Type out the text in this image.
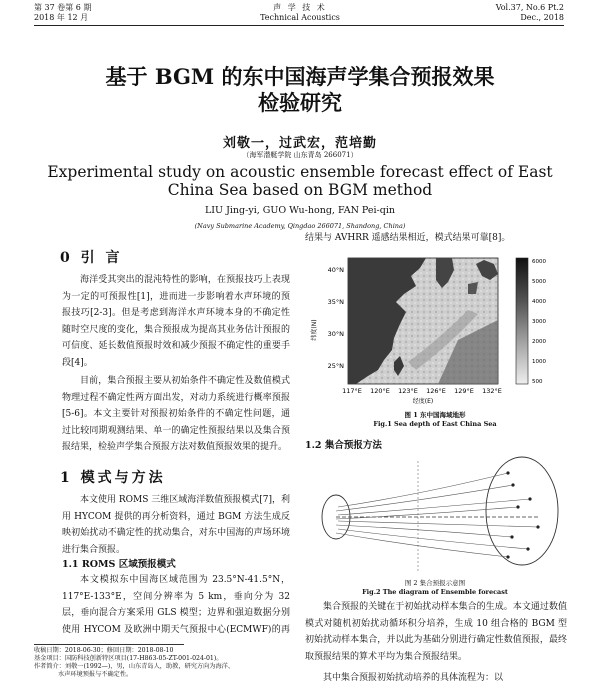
第 37 卷第 6 期
2018 年 12 月
声 学 技 术
Technical Acoustics
Vol.37, No.6 Pt.2
Dec., 2018
基于 BGM 的东中国海声学集合预报效果
检验研究
刘敬一，过武宏，范培勤
（海军潜艇学院 山东青岛 266071）
Experimental study on acoustic ensemble forecast effect of East
China Sea based on BGM method
LIU Jing-yi, GUO Wu-hong, FAN Pei-qin
(Navy Submarine Academy, Qingdao 266071, Shandong, China)
0 引 言
海洋受其突出的混沌特性的影响，在预报技巧上表现为一定的可预报性[1]，进而进一步影响着水声环境的预报技巧[2-3]。但是考虑到海洋水声环境本身的不确定性随时空尺度的变化，集合预报成为提高其业务估计预报的可信度、延长数值预报时效和减少预报不确定性的重要手段[4]。
目前，集合预报主要从初始条件不确定性及数值模式物理过程不确定性两方面出发，对动力系统进行概率预报[5-6]。本文主要针对预报初始条件的不确定性问题，通过比较同期观测结果、单一的确定性预报结果以及集合预报结果，检验声学集合预报方法对数值预报效果的提升。
1 模式与方法
本文使用 ROMS 三维区域海洋数值预报模式[7]，利用 HYCOM 提供的再分析资料，通过 BGM 方法生成反映初始扰动不确定性的扰动集合，对东中国海的声场环境进行集合预报。
1.1 ROMS 区域预报模式
本文模拟东中国海区域范围为 23.5°N-41.5°N，117°E-133°E，空间分辨率为 5 km，垂向分为 32 层，垂向混合方案采用 GLS 模型；边界和强迫数据分别使用 HYCOM 及欧洲中期天气预报中心(ECMWF)的再
收稿日期：2018-06-30；修回日期：2018-08-10
基金项目：国防科技创新特区项目(17-H863-05-ZT-001-024-01)。
作者简介：刘敬一(1992—)，男，山东青岛人，助教，研究方向为海洋、
水声环境预报与不确定性。
结果与 AVHRR 遥感结果相近，模式结果可靠[8]。
40°N
35°N
30°N
25°N
纬度(N)
117°E 120°E 123°E 126°E 129°E 132°E
经度(E)
6000
5000
4000
3000
2000
1000
500
图 1 东中国海域地形
Fig.1 Sea depth of East China Sea
1.2 集合预报方法
图 2 集合预报示意图
Fig.2 The diagram of Ensemble forecast
集合预报的关键在于初始扰动样本集合的生成。本文通过数值模式对随机初始扰动循环积分培养，生成 10 组合格的 BGM 型初始扰动样本集合，并以此为基础分别进行确定性数值预报，最终取预报结果的算术平均为集合预报结果。
其中集合预报初始扰动培养的具体流程为：以
